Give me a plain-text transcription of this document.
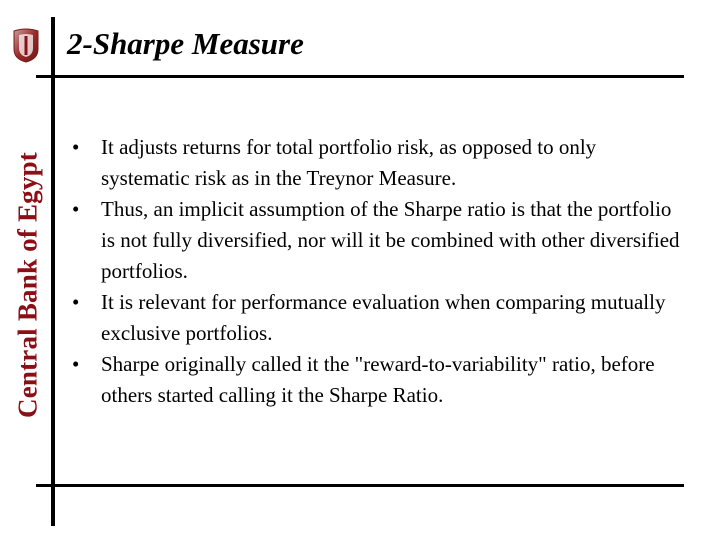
Central Bank of Egypt
2-Sharpe Measure
• It adjusts returns for total portfolio risk, as opposed to only systematic risk as in the Treynor Measure.
• Thus, an implicit assumption of the Sharpe ratio is that the portfolio is not fully diversified, nor will it be combined with other diversified portfolios.
• It is relevant for performance evaluation when comparing mutually exclusive portfolios.
• Sharpe originally called it the "reward-to-variability" ratio, before others started calling it the Sharpe Ratio.
